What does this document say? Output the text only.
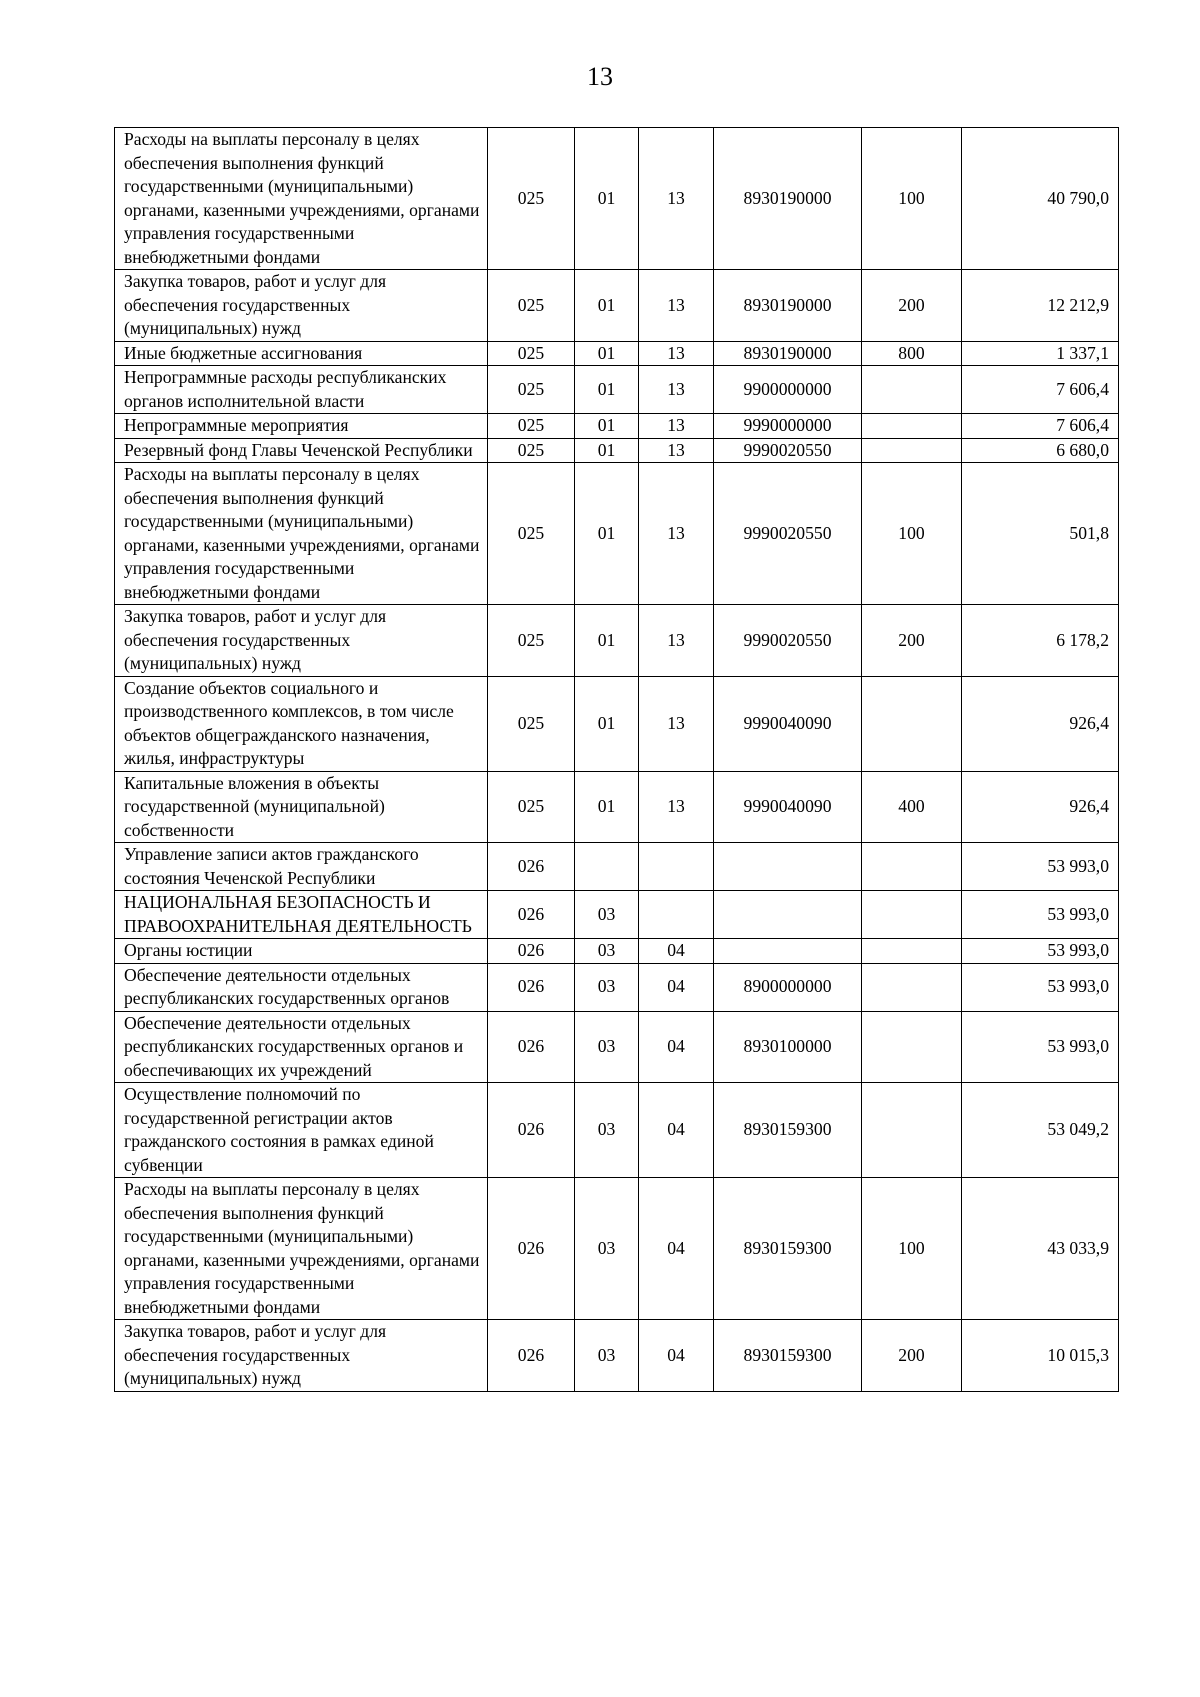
13
Расходы на выплаты персоналу в целях обеспечения выполнения функций государственными (муниципальными) органами, казенными учреждениями, органами управления государственными внебюджетными фондами	025	01	13	8930190000	100	40 790,0
Закупка товаров, работ и услуг для обеспечения государственных (муниципальных) нужд	025	01	13	8930190000	200	12 212,9
Иные бюджетные ассигнования	025	01	13	8930190000	800	1 337,1
Непрограммные расходы республиканских органов исполнительной власти	025	01	13	9900000000		7 606,4
Непрограммные мероприятия	025	01	13	9990000000		7 606,4
Резервный фонд Главы Чеченской Республики	025	01	13	9990020550		6 680,0
Расходы на выплаты персоналу в целях обеспечения выполнения функций государственными (муниципальными) органами, казенными учреждениями, органами управления государственными внебюджетными фондами	025	01	13	9990020550	100	501,8
Закупка товаров, работ и услуг для обеспечения государственных (муниципальных) нужд	025	01	13	9990020550	200	6 178,2
Создание объектов социального и производственного комплексов, в том числе объектов общегражданского назначения, жилья, инфраструктуры	025	01	13	9990040090		926,4
Капитальные вложения в объекты государственной (муниципальной) собственности	025	01	13	9990040090	400	926,4
Управление записи актов гражданского состояния Чеченской Республики	026					53 993,0
НАЦИОНАЛЬНАЯ БЕЗОПАСНОСТЬ И ПРАВООХРАНИТЕЛЬНАЯ ДЕЯТЕЛЬНОСТЬ	026	03				53 993,0
Органы юстиции	026	03	04			53 993,0
Обеспечение деятельности отдельных республиканских государственных органов	026	03	04	8900000000		53 993,0
Обеспечение деятельности отдельных республиканских государственных органов и обеспечивающих их учреждений	026	03	04	8930100000		53 993,0
Осуществление полномочий по государственной регистрации актов гражданского состояния в рамках единой субвенции	026	03	04	8930159300		53 049,2
Расходы на выплаты персоналу в целях обеспечения выполнения функций государственными (муниципальными) органами, казенными учреждениями, органами управления государственными внебюджетными фондами	026	03	04	8930159300	100	43 033,9
Закупка товаров, работ и услуг для обеспечения государственных (муниципальных) нужд	026	03	04	8930159300	200	10 015,3
